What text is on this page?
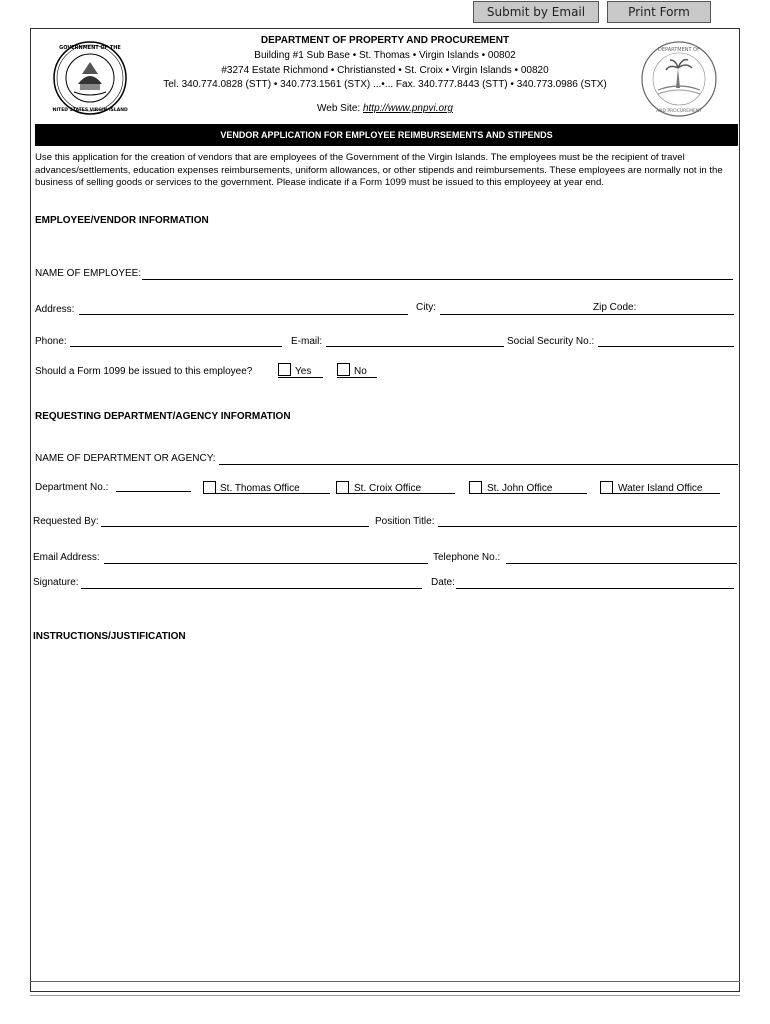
Submit by Email	Print Form
GOVERNMENT OF THE
UNITED STATES VIRGIN ISLANDS
DEPARTMENT OF
AND PROCUREMENT
DEPARTMENT OF PROPERTY AND PROCUREMENT
Building #1 Sub Base • St. Thomas • Virgin Islands • 00802
#3274 Estate Richmond • Christiansted • St. Croix • Virgin Islands • 00820
Tel. 340.774.0828 (STT) • 340.773.1561 (STX) ...•... Fax. 340.777.8443 (STT) • 340.773.0986 (STX)
Web Site: http://www.pnpvi.org
VENDOR APPLICATION FOR EMPLOYEE REIMBURSEMENTS AND STIPENDS
Use this application for the creation of vendors that are employees of the Government of the Virgin Islands. The employees must be the recipient of travel advances/settlements, education expenses reimbursements, uniform allowances, or other stipends and reimbursements. These employees are normally not in the business of selling goods or services to the government. Please indicate if a Form 1099 must be issued to this employeey at year end.
EMPLOYEE/VENDOR INFORMATION
NAME OF EMPLOYEE:
Address:	City:	Zip Code:
Phone:	E-mail:	Social Security No.:
Should a Form 1099 be issued to this employee?	Yes	No
REQUESTING DEPARTMENT/AGENCY INFORMATION
NAME OF DEPARTMENT OR AGENCY:
Department No.:	St. Thomas Office	St. Croix Office	St. John Office	Water Island Office
Requested By:	Position Title:
Email Address:	Telephone No.:
Signature:	Date:
INSTRUCTIONS/JUSTIFICATION
